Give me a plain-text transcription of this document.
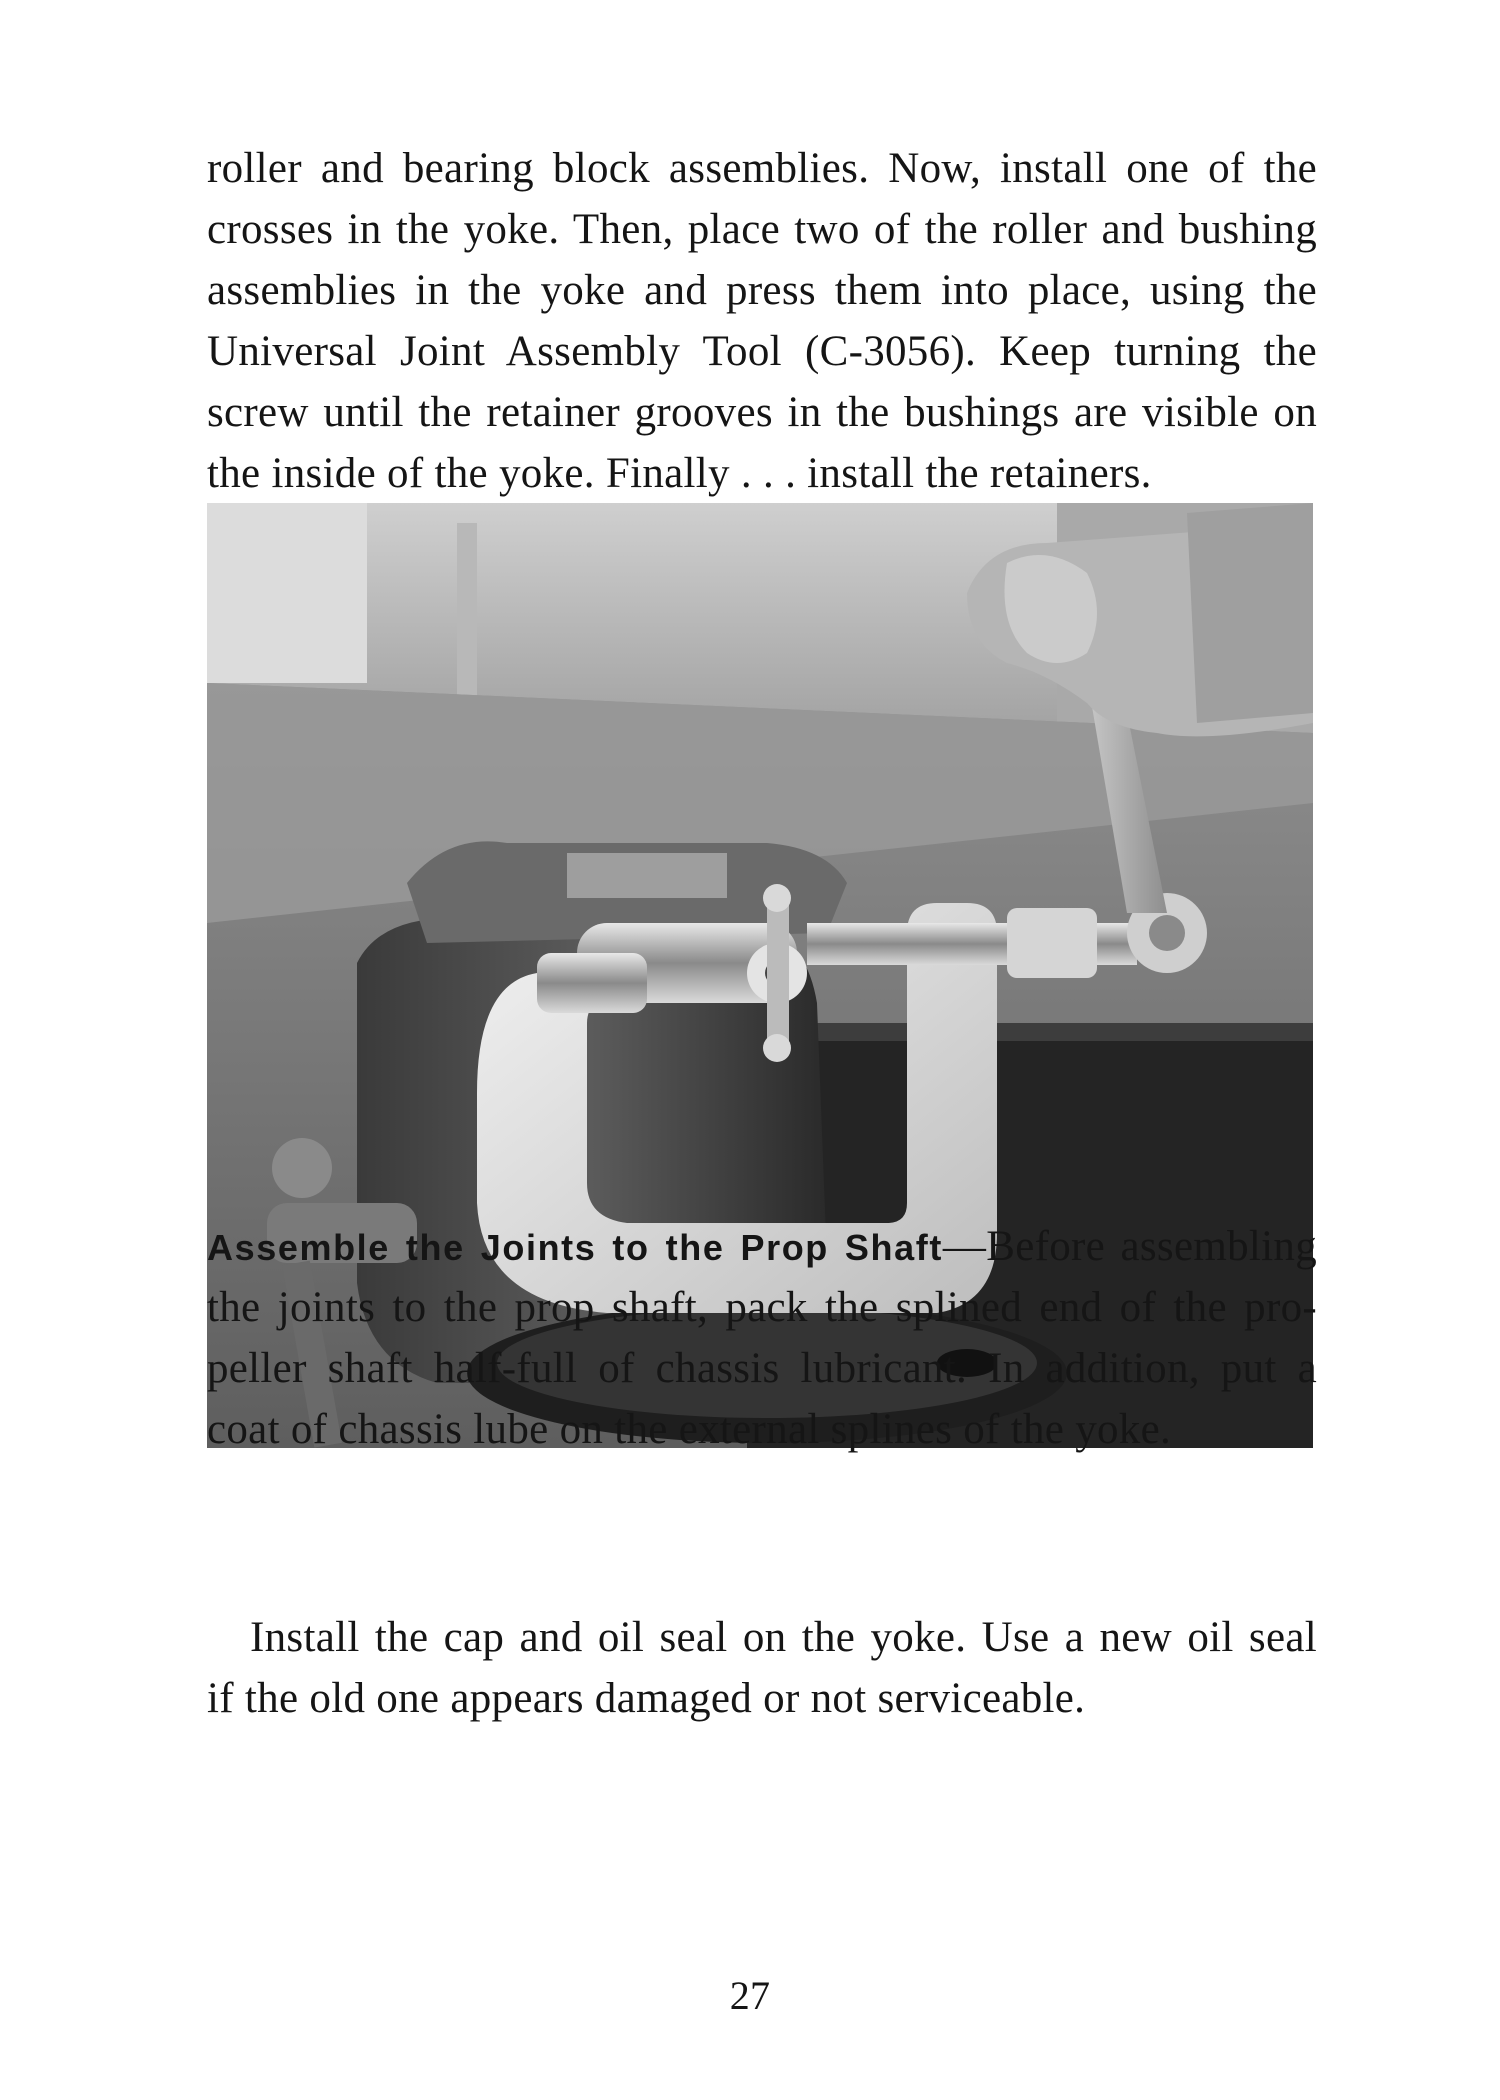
roller and bearing block assemblies. Now, install one of the
crosses in the yoke. Then, place two of the roller and bushing
assemblies in the yoke and press them into place, using the
Universal Joint Assembly Tool (C-3056). Keep turning the
screw until the retainer grooves in the bushings are visible on
the inside of the yoke. Finally . . . install the retainers.
Assemble the Joints to the Prop Shaft—Before assembling
the joints to the prop shaft, pack the splined end of the pro-
peller shaft half-full of chassis lubricant. In addition, put a
coat of chassis lube on the external splines of the yoke.
Install the cap and oil seal on the yoke. Use a new oil seal
if the old one appears damaged or not serviceable.
27
